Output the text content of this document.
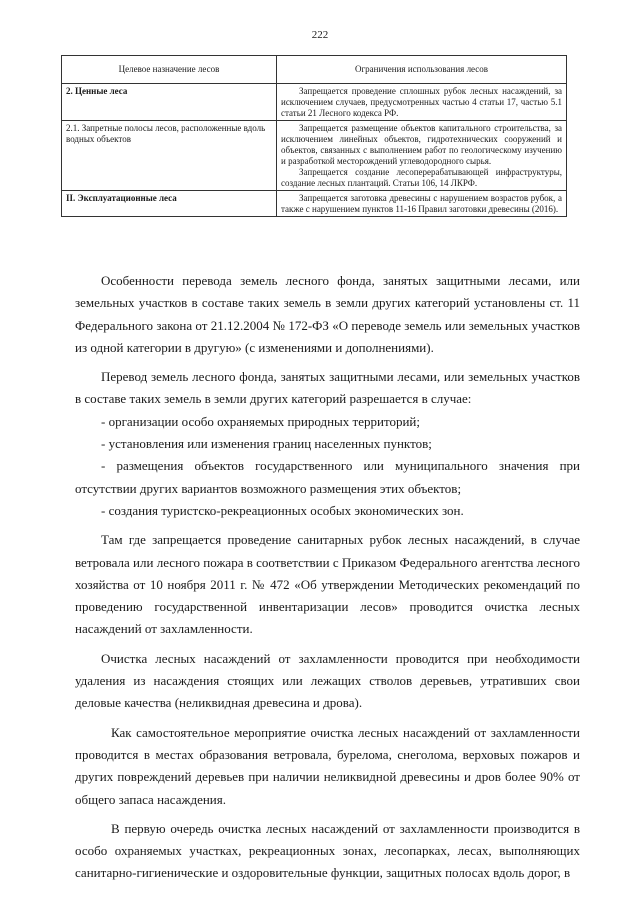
222
Целевое назначение лесов	Ограничения использования лесов
2. Ценные леса	Запрещается проведение сплошных рубок лесных насаждений, за исключением случаев, предусмотренных частью 4 статьи 17, частью 5.1 статьи 21 Лесного кодекса РФ.

2.1. Запретные полосы лесов, расположенные вдоль водных объектов	Запрещается размещение объектов капитального строительства, за исключением линейных объектов, гидротехнических сооружений и объектов, связанных с выполнением работ по геологическому изучению и разработкой месторождений углеводородного сырья.

Запрещается создание лесоперерабатывающей инфраструктуры, создание лесных плантаций. Статьи 106, 14 ЛКРФ.

II. Эксплуатационные леса	Запрещается заготовка древесины с нарушением возрастов рубок, а также с нарушением пунктов 11-16 Правил заготовки древесины (2016).

Особенности перевода земель лесного фонда, занятых защитными лесами, или земельных участков в составе таких земель в земли других категорий установлены ст. 11 Федерального закона от 21.12.2004 № 172-ФЗ «О переводе земель или земельных участков из одной категории в другую» (с изменениями и дополнениями).

Перевод земель лесного фонда, занятых защитными лесами, или земельных участков в составе таких земель в земли других категорий разрешается в случае:

- организации особо охраняемых природных территорий;

- установления или изменения границ населенных пунктов;

- размещения объектов государственного или муниципального значения при отсутствии других вариантов возможного размещения этих объектов;

- создания туристско-рекреационных особых экономических зон.

Там где запрещается проведение санитарных рубок лесных насаждений, в случае ветровала или лесного пожара в соответствии с Приказом Федерального агентства лесного хозяйства от 10 ноября 2011 г. № 472 «Об утверждении Методических рекомендаций по проведению государственной инвентаризации лесов» проводится очистка лесных насаждений от захламленности.

Очистка лесных насаждений от захламленности проводится при необходимости удаления из насаждения стоящих или лежащих стволов деревьев, утративших свои деловые качества (неликвидная древесина и дрова).

Как самостоятельное мероприятие очистка лесных насаждений от захламленности проводится в местах образования ветровала, бурелома, снеголома, верховых пожаров и других повреждений деревьев при наличии неликвидной древесины и дров более 90% от общего запаса насаждения.

В первую очередь очистка лесных насаждений от захламленности производится в особо охраняемых участках, рекреационных зонах, лесопарках, лесах, выполняющих санитарно-гигиенические и оздоровительные функции, защитных полосах вдоль дорог, в
